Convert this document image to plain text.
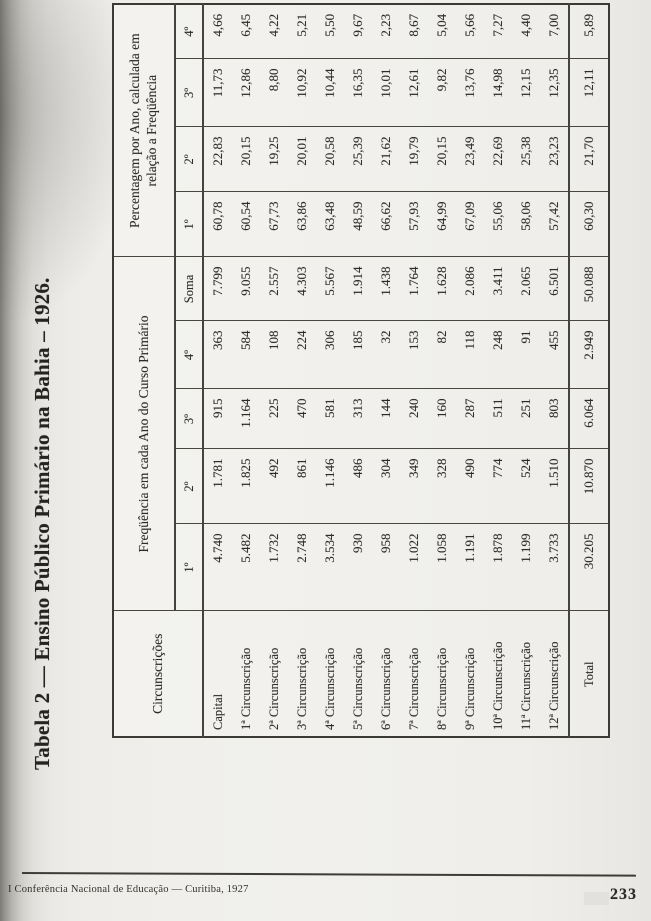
Tabela 2 — Ensino Público Primário na Bahia – 1926.	Circunscrições	Freqüência em cada Ano do Curso Primário					Percentagem por Ano, calculada em relação a Freqüência			

	1º	2º	3º	4º	Soma	1º	2º	3º	4º
Capital	4.740	1.781	915	363	7.799	60,78	22,83	11,73	4,66
1ª Circunscrição	5.482	1.825	1.164	584	9.055	60,54	20,15	12,86	6,45
2ª Circunscrição	1.732	492	225	108	2.557	67,73	19,25	8,80	4,22
3ª Circunscrição	2.748	861	470	224	4.303	63,86	20,01	10,92	5,21
4ª Circunscrição	3.534	1.146	581	306	5.567	63,48	20,58	10,44	5,50
5ª Circunscrição	930	486	313	185	1.914	48,59	25,39	16,35	9,67
6ª Circunscrição	958	304	144	32	1.438	66,62	21,62	10,01	2,23
7ª Circunscrição	1.022	349	240	153	1.764	57,93	19,79	12,61	8,67
8ª Circunscrição	1.058	328	160	82	1.628	64,99	20,15	9,82	5,04
9ª Circunscrição	1.191	490	287	118	2.086	67,09	23,49	13,76	5,66
10ª Circunscrição	1.878	774	511	248	3.411	55,06	22,69	14,98	7,27
11ª Circunscrição	1.199	524	251	91	2.065	58,06	25,38	12,15	4,40
12ª Circunscrição	3.733	1.510	803	455	6.501	57,42	23,23	12,35	7,00
Total	30.205	10.870	6.064	2.949	50.088	60,30	21,70	12,11	5,89
I Conferência Nacional de Educação — Curitiba, 1927	233
